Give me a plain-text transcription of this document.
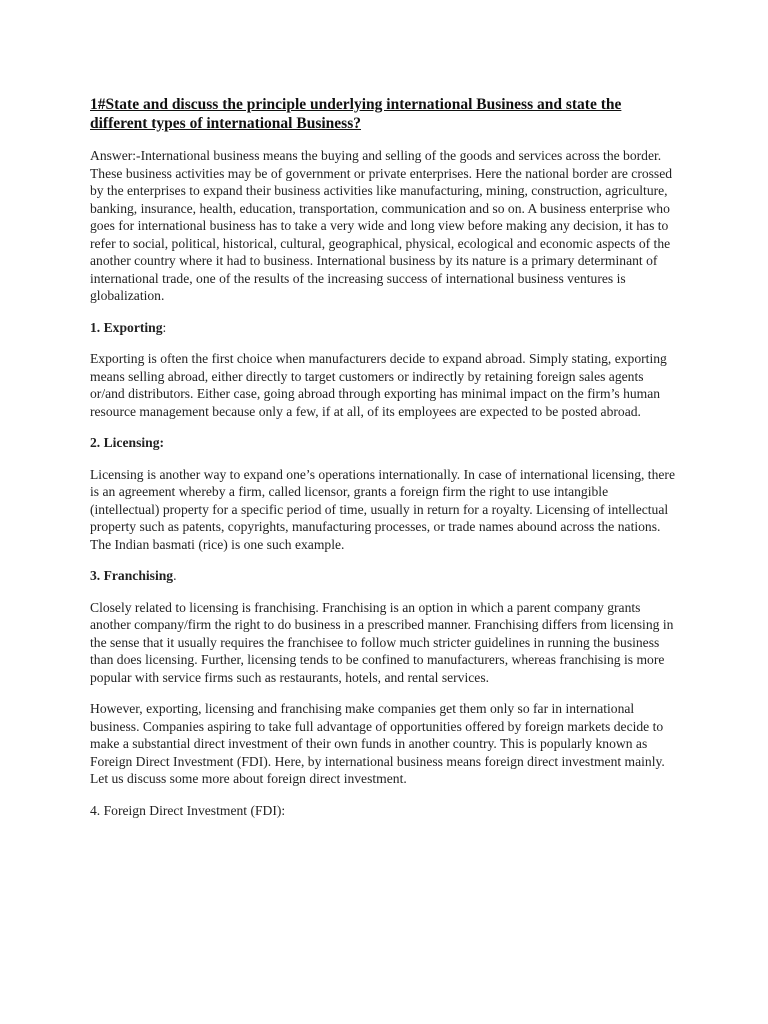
1#State and discuss the principle underlying international Business and state the different types of international Business?

Answer:-International business means the buying and selling of the goods and services across the border. These business activities may be of government or private enterprises. Here the national border are crossed by the enterprises to expand their business activities like manufacturing, mining, construction, agriculture, banking, insurance, health, education, transportation, communication and so on. A business enterprise who goes for international business has to take a very wide and long view before making any decision, it has to refer to social, political, historical, cultural, geographical, physical, ecological and economic aspects of the another country where it had to business. International business by its nature is a primary determinant of international trade, one of the results of the increasing success of international business ventures is globalization.

1. Exporting:

Exporting is often the first choice when manufacturers decide to expand abroad. Simply stating, exporting means selling abroad, either directly to target customers or indirectly by retaining foreign sales agents or/and distributors. Either case, going abroad through exporting has minimal impact on the firm’s human resource management because only a few, if at all, of its employees are expected to be posted abroad.

2. Licensing:

Licensing is another way to expand one’s operations internationally. In case of international licensing, there is an agreement whereby a firm, called licensor, grants a foreign firm the right to use intangible (intellectual) property for a specific period of time, usually in return for a royalty. Licensing of intellectual property such as patents, copyrights, manufacturing processes, or trade names abound across the nations. The Indian basmati (rice) is one such example.

3. Franchising.

Closely related to licensing is franchising. Franchising is an option in which a parent company grants another company/firm the right to do business in a prescribed manner. Franchising differs from licensing in the sense that it usually requires the franchisee to follow much stricter guidelines in running the business than does licensing. Further, licensing tends to be confined to manufacturers, whereas franchising is more popular with service firms such as restaurants, hotels, and rental services.

However, exporting, licensing and franchising make companies get them only so far in international business. Companies aspiring to take full advantage of opportunities offered by foreign markets decide to make a substantial direct investment of their own funds in another country. This is popularly known as Foreign Direct Investment (FDI). Here, by international business means foreign direct investment mainly. Let us discuss some more about foreign direct investment.

4. Foreign Direct Investment (FDI):
